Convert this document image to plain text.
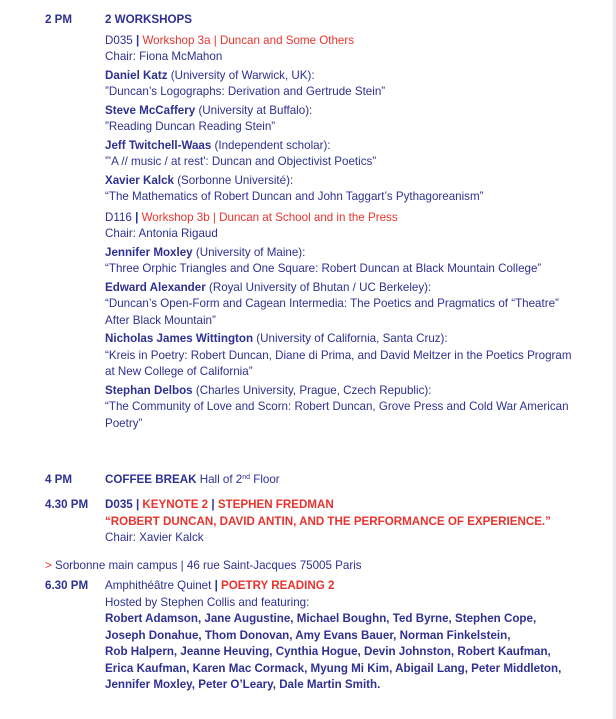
2 PM	2 WORKSHOPS
D035 | Workshop 3a | Duncan and Some Others
Chair: Fiona McMahon
Daniel Katz (University of Warwick, UK):
”Duncan’s Logographs: Derivation and Gertrude Stein”
Steve McCaffery (University at Buffalo):
”Reading Duncan Reading Stein”
Jeff Twitchell-Waas (Independent scholar):
”'A // music / at rest': Duncan and Objectivist Poetics”
Xavier Kalck (Sorbonne Université):
“The Mathematics of Robert Duncan and John Taggart’s Pythagoreanism”
D116 | Workshop 3b | Duncan at School and in the Press
Chair: Antonia Rigaud
Jennifer Moxley (University of Maine):
“Three Orphic Triangles and One Square: Robert Duncan at Black Mountain College”
Edward Alexander (Royal University of Bhutan / UC Berkeley):
“Duncan’s Open-Form and Cagean Intermedia: The Poetics and Pragmatics of “Theatre” After Black Mountain”
Nicholas James Wittington (University of California, Santa Cruz):
“Kreis in Poetry: Robert Duncan, Diane di Prima, and David Meltzer in the Poetics Program at New College of California”
Stephan Delbos (Charles University, Prague, Czech Republic):
“The Community of Love and Scorn: Robert Duncan, Grove Press and Cold War American Poetry”
4 PM	COFFEE BREAK Hall of 2nd Floor
4.30 PM D035 | KEYNOTE 2 | STEPHEN FREDMAN
“ROBERT DUNCAN, DAVID ANTIN, AND THE PERFORMANCE OF EXPERIENCE.”
Chair: Xavier Kalck
> Sorbonne main campus | 46 rue Saint-Jacques 75005 Paris
6.30 PM Amphithéâtre Quinet | POETRY READING 2
Hosted by Stephen Collis and featuring:
Robert Adamson, Jane Augustine, Michael Boughn, Ted Byrne, Stephen Cope,
Joseph Donahue, Thom Donovan, Amy Evans Bauer, Norman Finkelstein,
Rob Halpern, Jeanne Heuving, Cynthia Hogue, Devin Johnston, Robert Kaufman,
Erica Kaufman, Karen Mac Cormack, Myung Mi Kim, Abigail Lang, Peter Middleton,
Jennifer Moxley, Peter O’Leary, Dale Martin Smith.
